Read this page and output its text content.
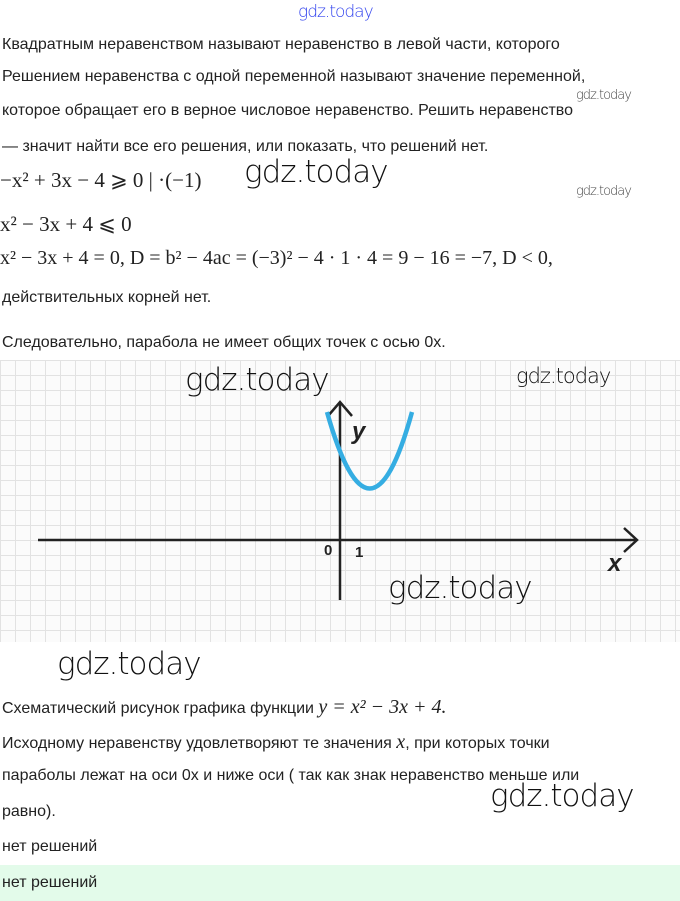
gdz.today
Квадратным неравенством называют неравенство в левой части, которого
Решением неравенства с одной переменной называют значение переменной,
gdz.today
которое обращает его в верное числовое неравенство. Решить неравенство
— значит найти все его решения, или показать, что решений нет.
−x² + 3x − 4 ⩾ 0 | ·(−1) gdz.today
gdz.today
x² − 3x + 4 ⩽ 0
x² − 3x + 4 = 0, D = b² − 4ac = (−3)² − 4 · 1 · 4 = 9 − 16 = −7, D < 0,
действительных корней нет.
Следовательно, парабола не имеет общих точек с осью 0х.
y
x
0 1
gdz.today	gdz.today
gdz.today
gdz.today
Схематический рисунок графика функции y = x² − 3x + 4.
Исходному неравенству удовлетворяют те значения x, при которых точки
параболы лежат на оси 0х и ниже оси ( так как знак неравенство меньше или
gdz.today
равно).
нет решений
нет решений
